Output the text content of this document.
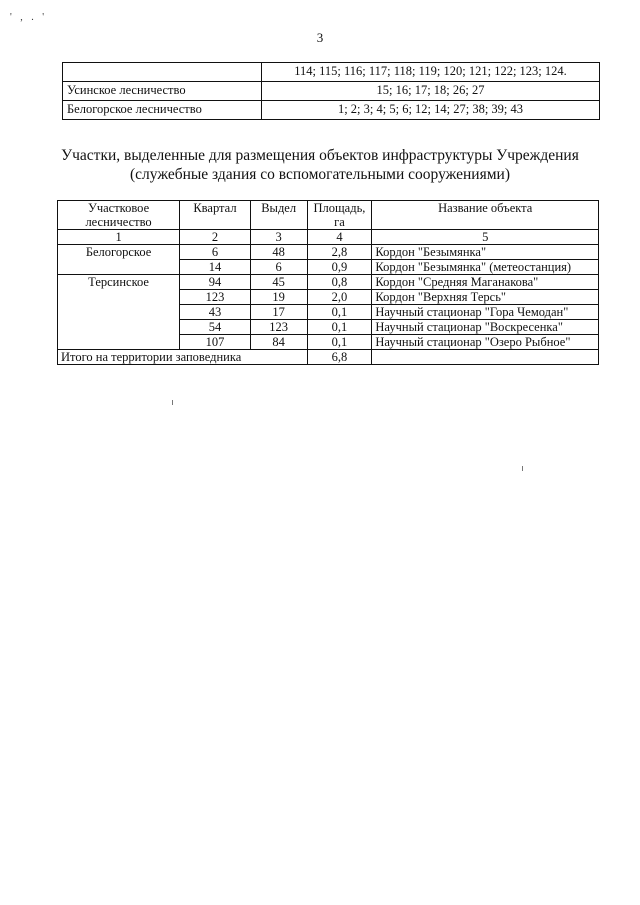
' , . '
3
	114; 115; 116; 117; 118; 119; 120; 121; 122; 123; 124.
Усинское лесничество	15; 16; 17; 18; 26; 27
Белогорское лесничество	1; 2; 3; 4; 5; 6; 12; 14; 27; 38; 39; 43
Участки, выделенные для размещения объектов инфраструктуры Учреждения
(служебные здания со вспомогательными сооружениями)
Участковое лесничество	Квартал	Выдел	Площадь, га	Название объекта
1	2	3	4	5
Белогорское	6	48	2,8	Кордон "Безымянка"
	14	6	0,9	Кордон "Безымянка" (метеостанция)
Терсинское	94	45	0,8	Кордон "Средняя Маганакова"
	123	19	2,0	Кордон "Верхняя Терсь"
	43	17	0,1	Научный стационар "Гора Чемодан"
	54	123	0,1	Научный стационар "Воскресенка"
	107	84	0,1	Научный стационар "Озеро Рыбное"
Итого на территории заповедника			6,8	
